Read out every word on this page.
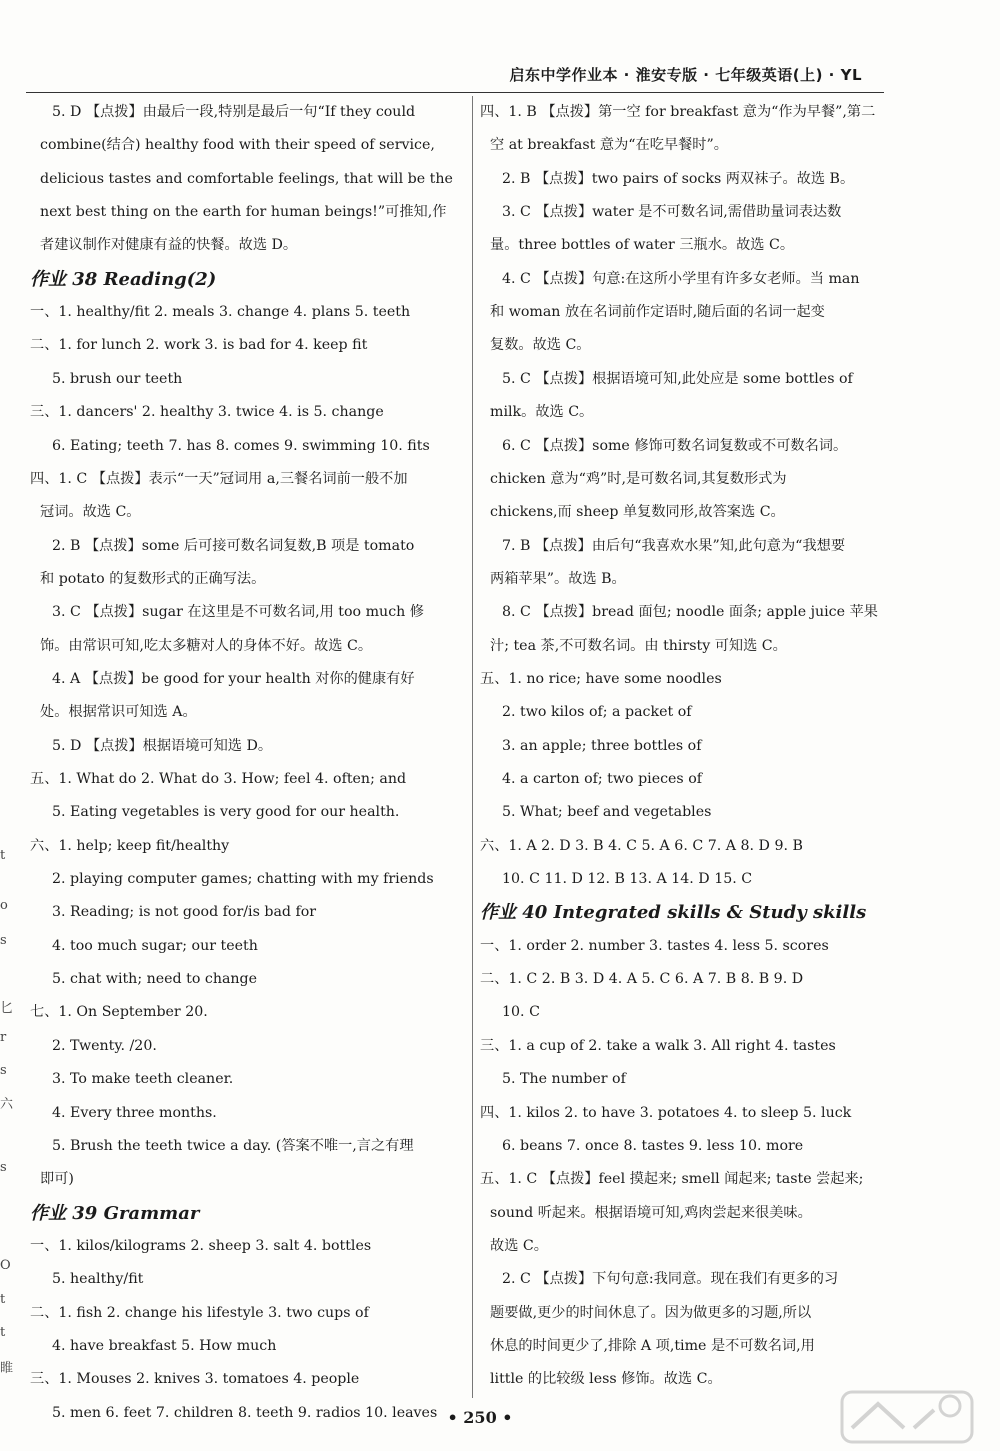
启东中学作业本 · 淮安专版 · 七年级英语(上) · YL
5. D 【点拨】由最后一段,特别是最后一句“If they could
combine(结合) healthy food with their speed of service,
delicious tastes and comfortable feelings, that will be the
next best thing on the earth for human beings!”可推知,作
者建议制作对健康有益的快餐。故选 D。
作业 38 Reading(2)
一、1. healthy/fit 2. meals 3. change 4. plans 5. teeth
二、1. for lunch 2. work 3. is bad for 4. keep fit
5. brush our teeth
三、1. dancers' 2. healthy 3. twice 4. is 5. change
6. Eating; teeth 7. has 8. comes 9. swimming 10. fits
四、1. C 【点拨】表示“一天”冠词用 a,三餐名词前一般不加
冠词。故选 C。
2. B 【点拨】some 后可接可数名词复数,B 项是 tomato
和 potato 的复数形式的正确写法。
3. C 【点拨】sugar 在这里是不可数名词,用 too much 修
饰。由常识可知,吃太多糖对人的身体不好。故选 C。
4. A 【点拨】be good for your health 对你的健康有好
处。根据常识可知选 A。
5. D 【点拨】根据语境可知选 D。
五、1. What do 2. What do 3. How; feel 4. often; and
5. Eating vegetables is very good for our health.
六、1. help; keep fit/healthy
2. playing computer games; chatting with my friends
3. Reading; is not good for/is bad for
4. too much sugar; our teeth
5. chat with; need to change
七、1. On September 20.
2. Twenty. /20.
3. To make teeth cleaner.
4. Every three months.
5. Brush the teeth twice a day. (答案不唯一,言之有理
即可)
作业 39 Grammar
一、1. kilos/kilograms 2. sheep 3. salt 4. bottles
5. healthy/fit
二、1. fish 2. change his lifestyle 3. two cups of
4. have breakfast 5. How much
三、1. Mouses 2. knives 3. tomatoes 4. people
5. men 6. feet 7. children 8. teeth 9. radios 10. leaves
四、1. B 【点拨】第一空 for breakfast 意为“作为早餐”,第二
空 at breakfast 意为“在吃早餐时”。
2. B 【点拨】two pairs of socks 两双袜子。故选 B。
3. C 【点拨】water 是不可数名词,需借助量词表达数
量。three bottles of water 三瓶水。故选 C。
4. C 【点拨】句意:在这所小学里有许多女老师。当 man
和 woman 放在名词前作定语时,随后面的名词一起变
复数。故选 C。
5. C 【点拨】根据语境可知,此处应是 some bottles of
milk。故选 C。
6. C 【点拨】some 修饰可数名词复数或不可数名词。
chicken 意为“鸡”时,是可数名词,其复数形式为
chickens,而 sheep 单复数同形,故答案选 C。
7. B 【点拨】由后句“我喜欢水果”知,此句意为“我想要
两箱苹果”。故选 B。
8. C 【点拨】bread 面包; noodle 面条; apple juice 苹果
汁; tea 茶,不可数名词。由 thirsty 可知选 C。
五、1. no rice; have some noodles
2. two kilos of; a packet of
3. an apple; three bottles of
4. a carton of; two pieces of
5. What; beef and vegetables
六、1. A 2. D 3. B 4. C 5. A 6. C 7. A 8. D 9. B
10. C 11. D 12. B 13. A 14. D 15. C
作业 40 Integrated skills & Study skills
一、1. order 2. number 3. tastes 4. less 5. scores
二、1. C 2. B 3. D 4. A 5. C 6. A 7. B 8. B 9. D
10. C
三、1. a cup of 2. take a walk 3. All right 4. tastes
5. The number of
四、1. kilos 2. to have 3. potatoes 4. to sleep 5. luck
6. beans 7. once 8. tastes 9. less 10. more
五、1. C 【点拨】feel 摸起来; smell 闻起来; taste 尝起来;
sound 听起来。根据语境可知,鸡肉尝起来很美味。
故选 C。
2. C 【点拨】下句句意:我同意。现在我们有更多的习
题要做,更少的时间休息了。因为做更多的习题,所以
休息的时间更少了,排除 A 项,time 是不可数名词,用
little 的比较级 less 修饰。故选 C。
t
o
s
匕
r
s
六
s
O
t
t
睢
• 250 •
